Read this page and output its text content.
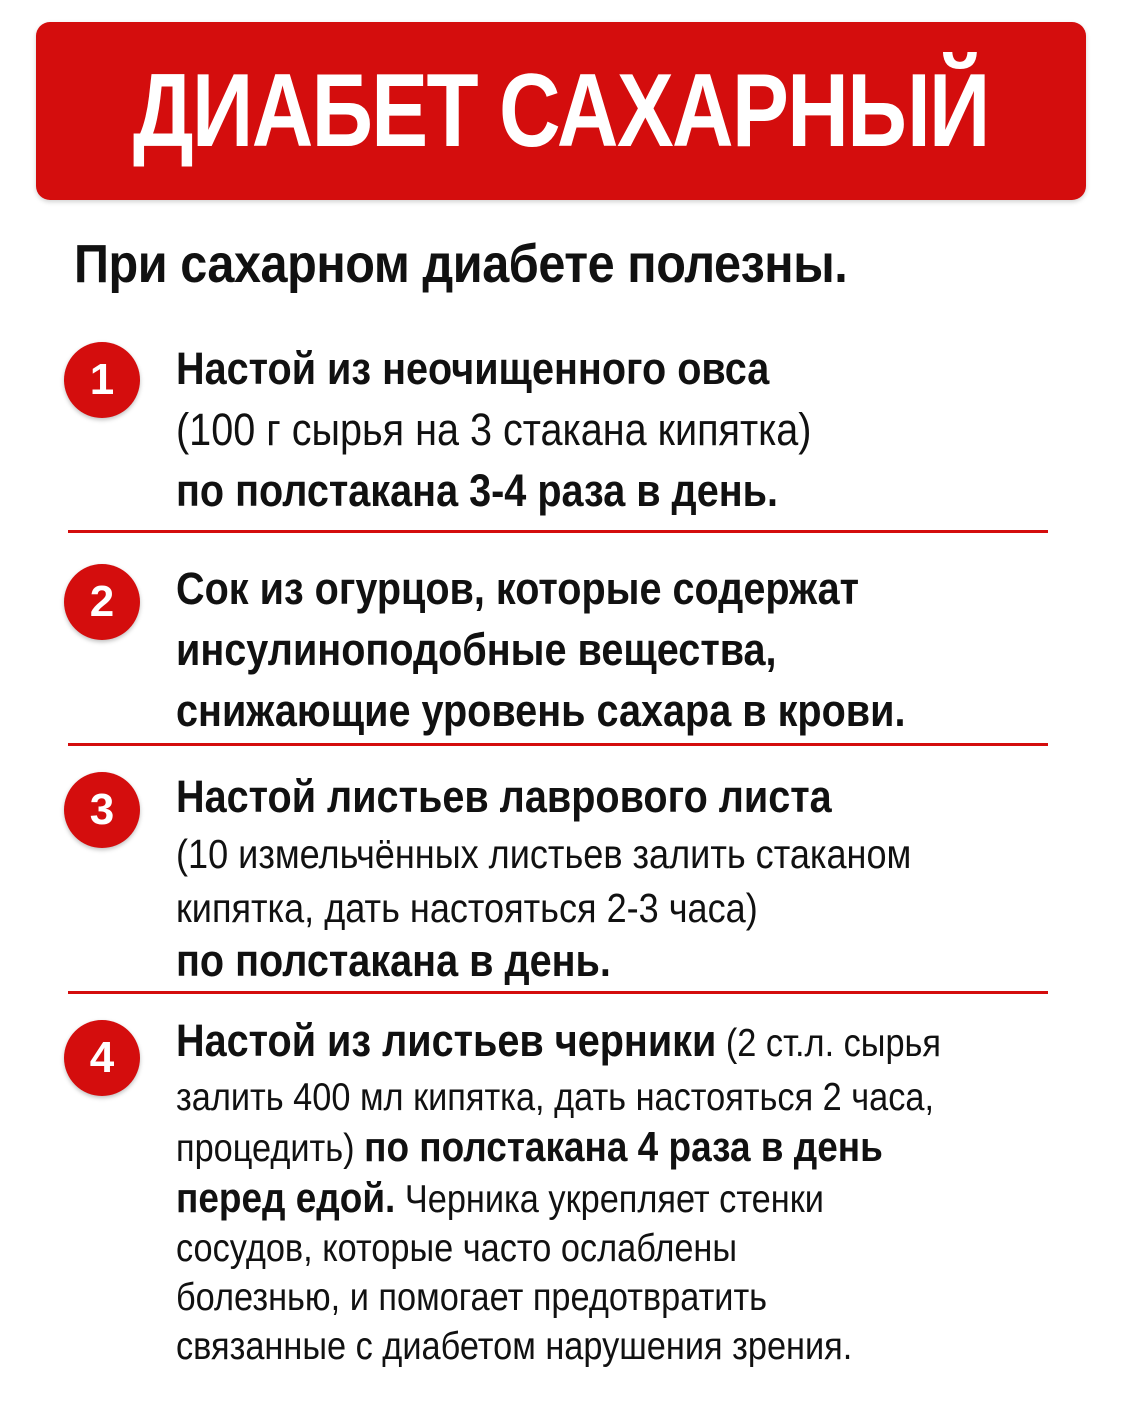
ДИАБЕТ САХАРНЫЙ
При сахарном диабете полезны.
1	Настой из неочищенного овса
(100 г сырья на 3 стакана кипятка)
по полстакана 3-4 раза в день.
2	Сок из огурцов, которые содержат
инсулиноподобные вещества,
снижающие уровень сахара в крови.
3	Настой листьев лаврового листа
(10 измельчённых листьев залить стаканом
кипятка, дать настояться 2-3 часа)
по полстакана в день.
4	Настой из листьев черники (2 ст.л. сырья
залить 400 мл кипятка, дать настояться 2 часа,
процедить) по полстакана 4 раза в день
перед едой. Черника укрепляет стенки
сосудов, которые часто ослаблены
болезнью, и помогает предотвратить
связанные с диабетом нарушения зрения.
